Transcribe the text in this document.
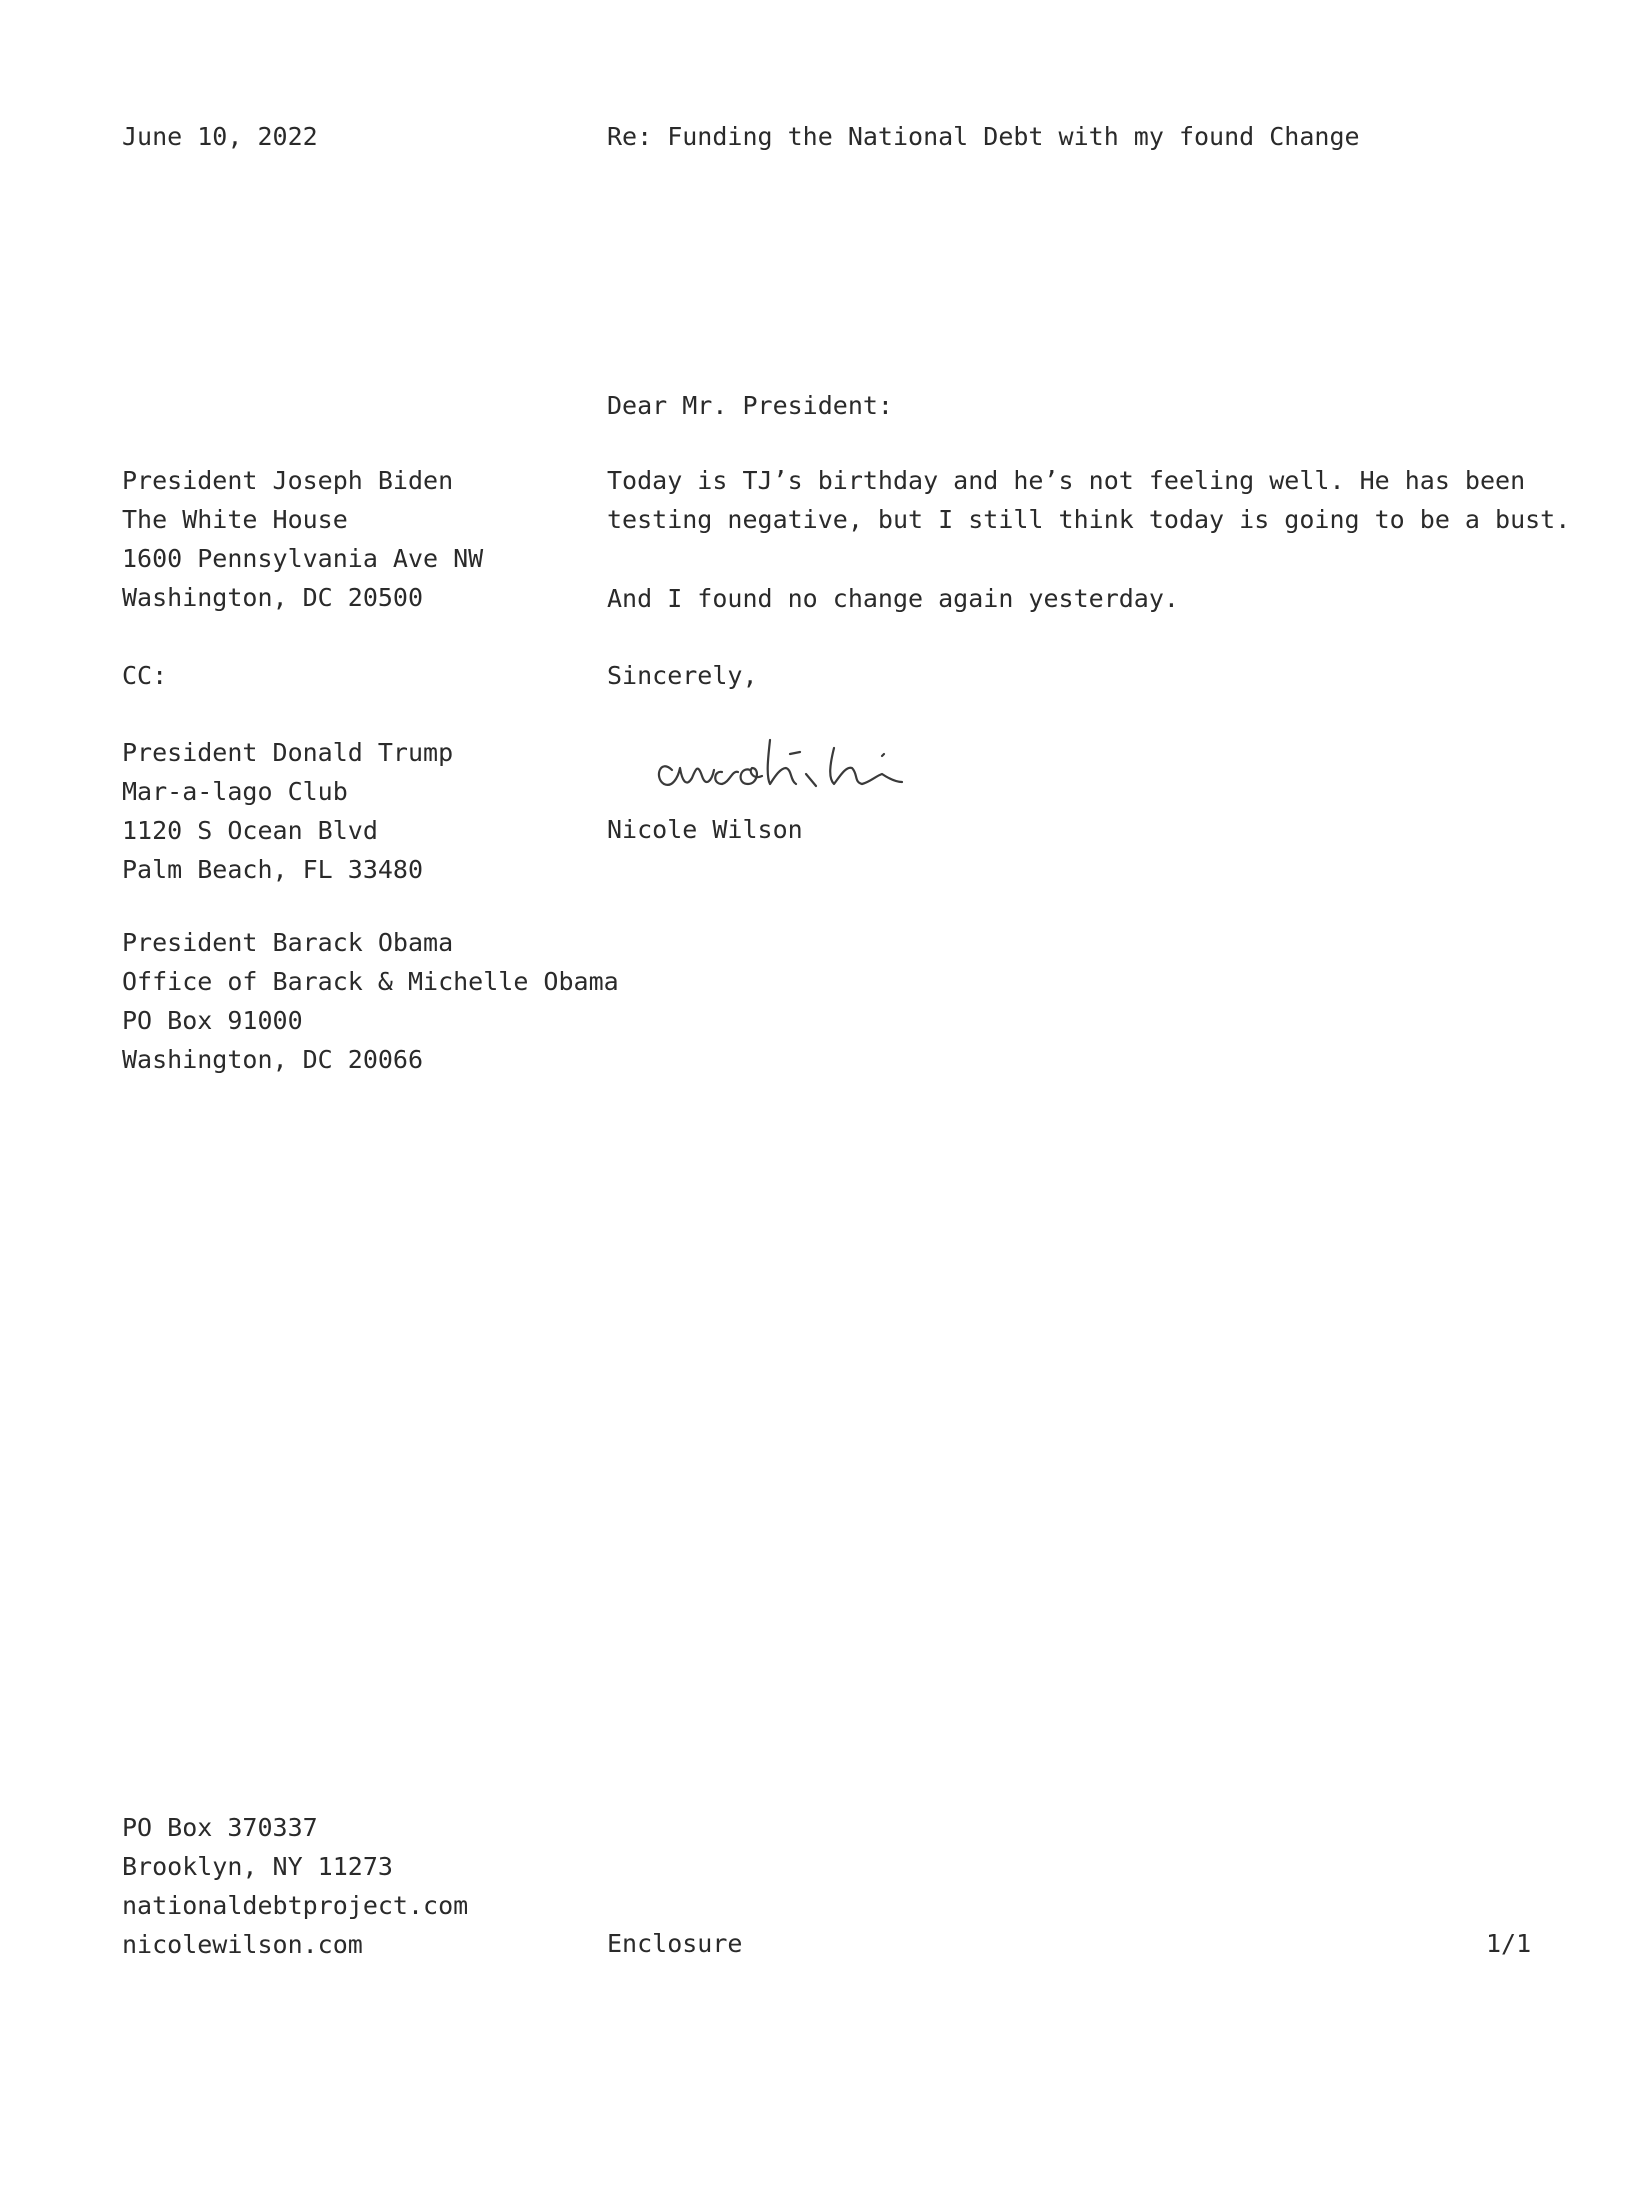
June 10, 2022	Re: Funding the National Debt with my found Change
Dear Mr. President:
President Joseph Biden
The White House
1600 Pennsylvania Ave NW
Washington, DC 20500
Today is TJ’s birthday and he’s not feeling well. He has been
testing negative, but I still think today is going to be a bust.
And I found no change again yesterday.
CC:	Sincerely,
President Donald Trump
Mar-a-lago Club
1120 S Ocean Blvd
Palm Beach, FL 33480
Nicole Wilson
Nicole Wilson
President Barack Obama
Office of Barack & Michelle Obama
PO Box 91000
Washington, DC 20066
PO Box 370337
Brooklyn, NY 11273
nationaldebtproject.com
nicolewilson.com	Enclosure	1/1
